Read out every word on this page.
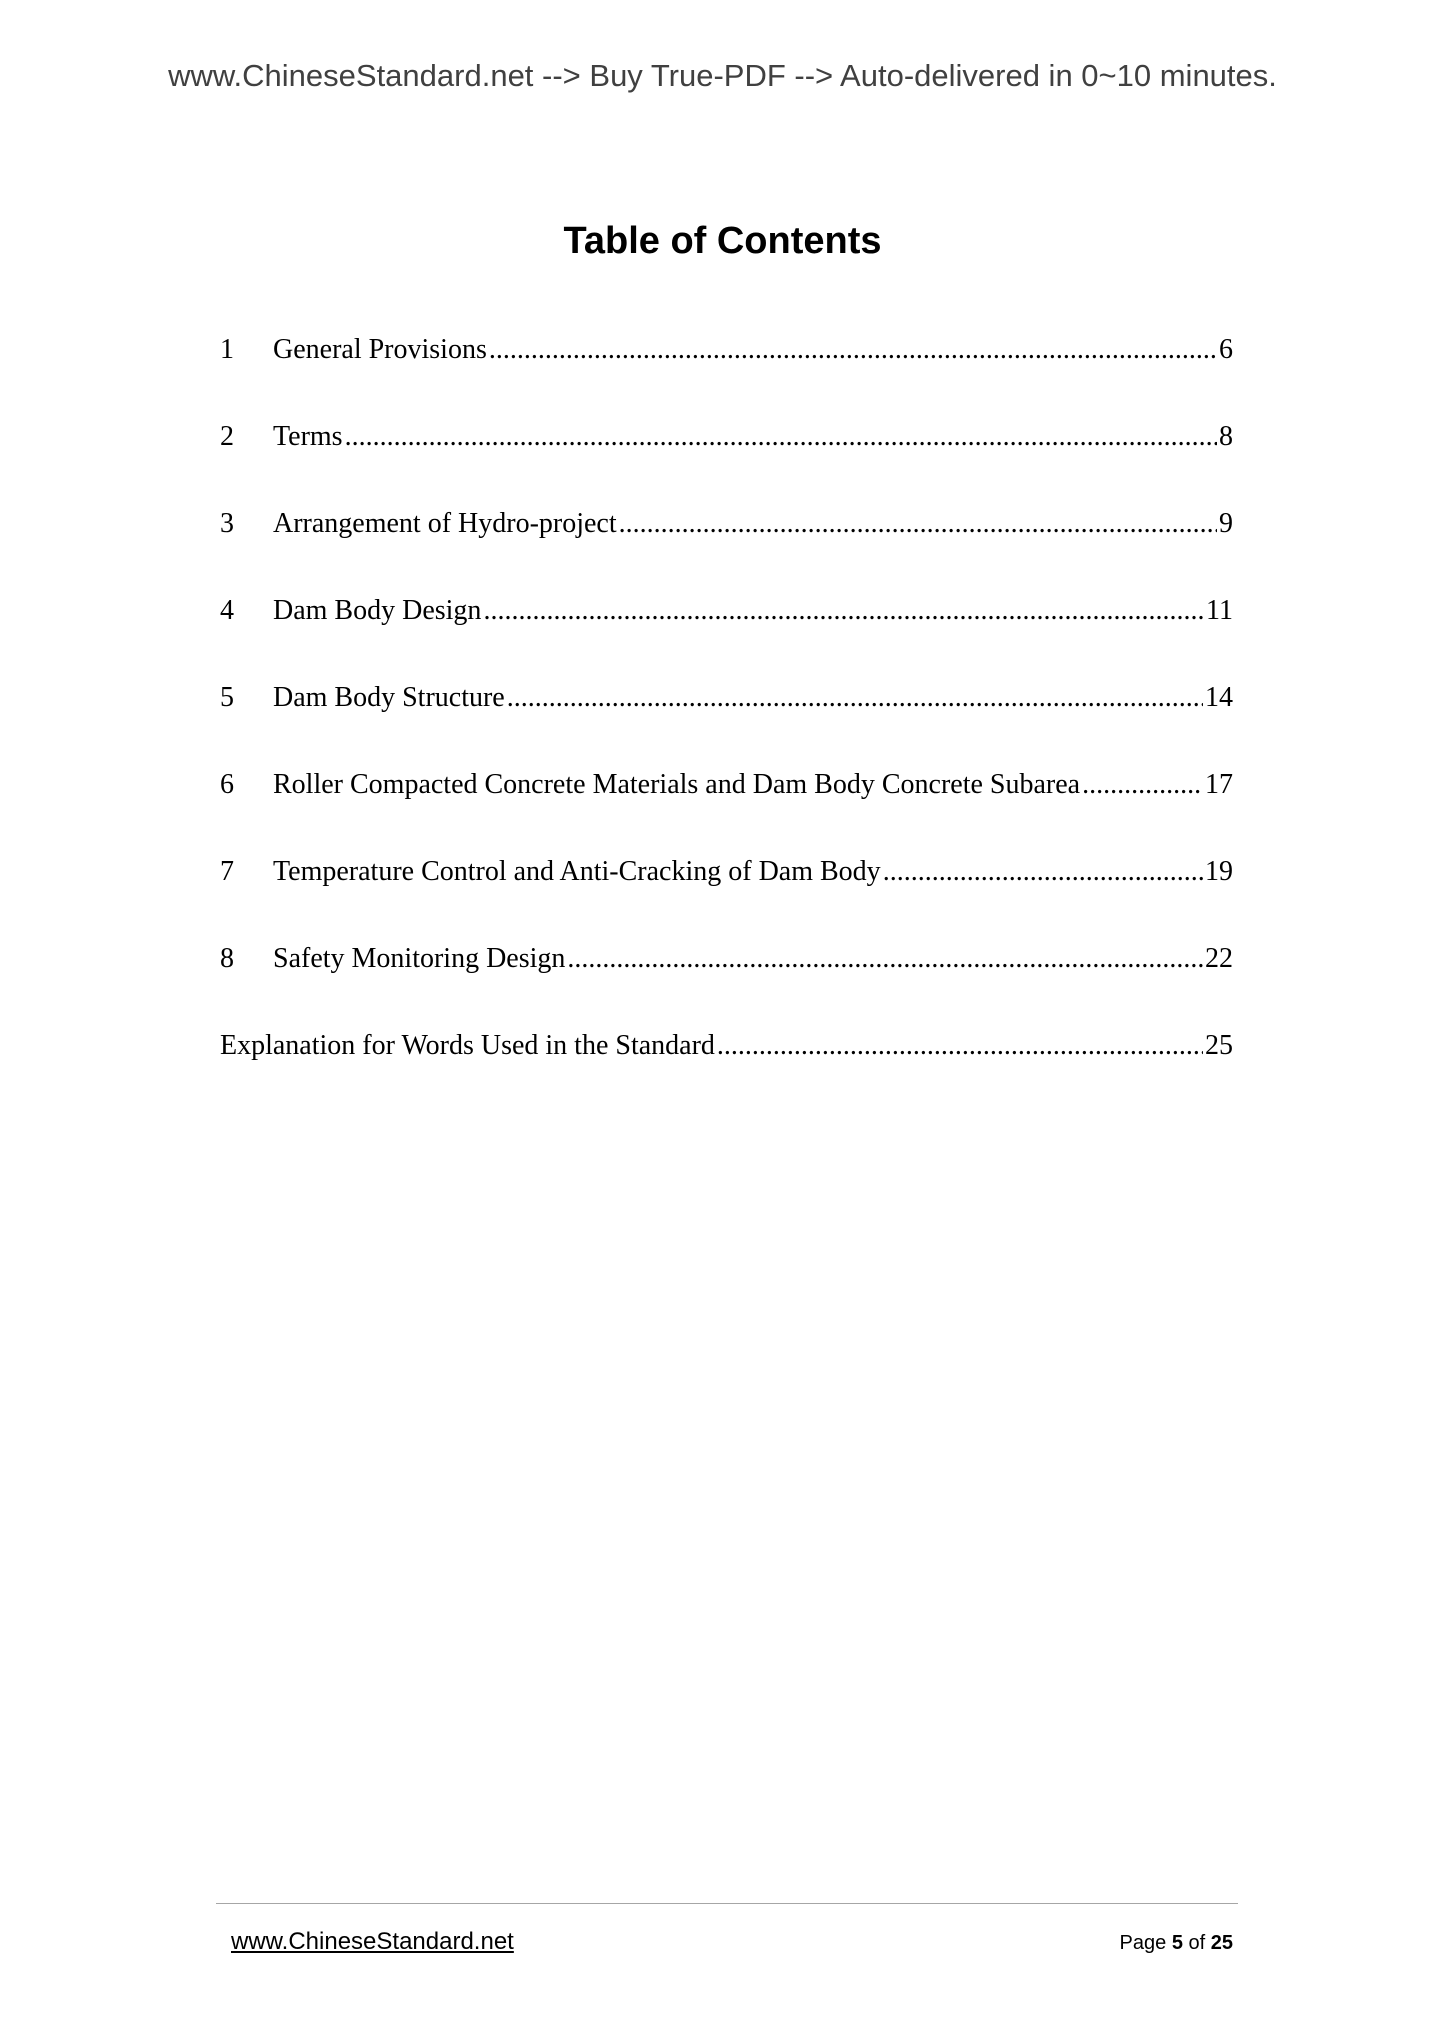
www.ChineseStandard.net --> Buy True-PDF --> Auto-delivered in 0~10 minutes.
Table of Contents
1	General Provisions .....	6
2	Terms .....	8
3	Arrangement of Hydro-project .....	9
4	Dam Body Design .....	11
5	Dam Body Structure .....	14
6	Roller Compacted Concrete Materials and Dam Body Concrete Subarea .....	17
7	Temperature Control and Anti-Cracking of Dam Body .....	19
8	Safety Monitoring Design .....	22
Explanation for Words Used in the Standard .....	25
www.ChineseStandard.net	Page 5 of 25
